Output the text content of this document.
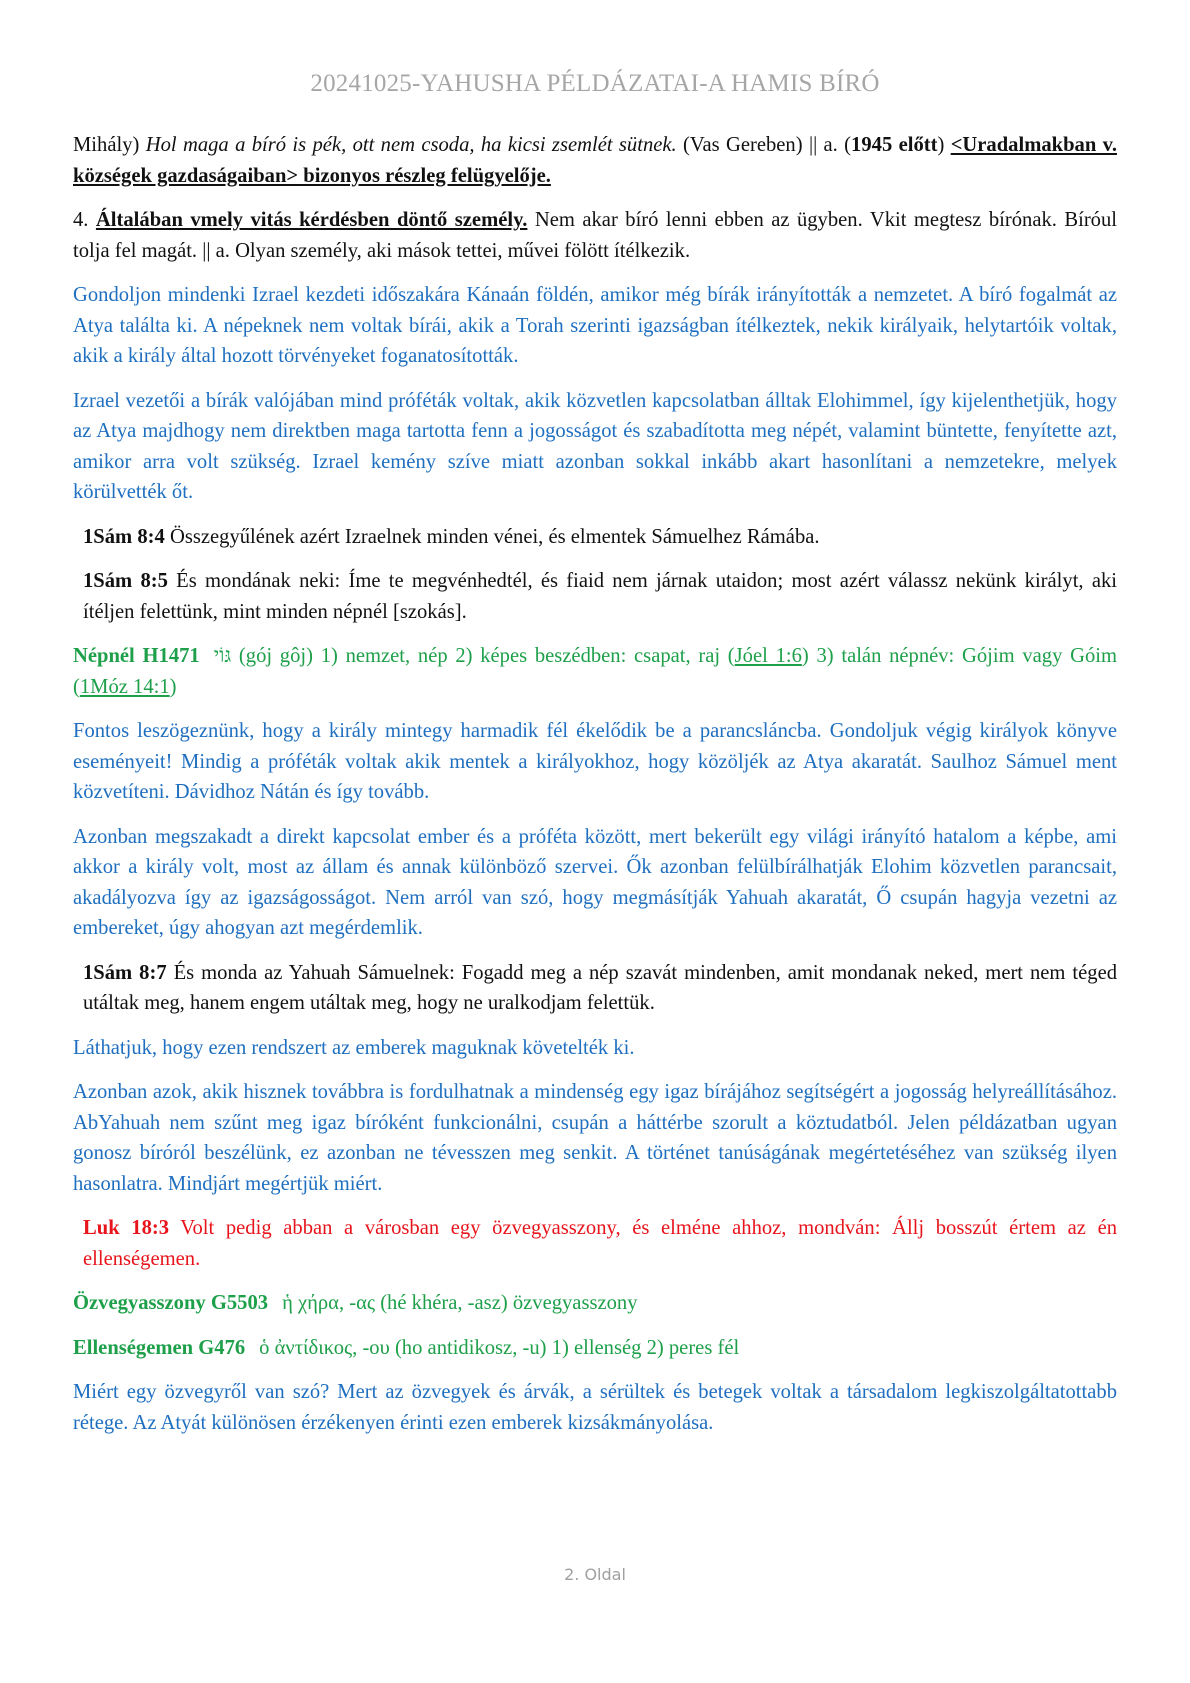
20241025-YAHUSHA PÉLDÁZATAI-A HAMIS BÍRÓ

Mihály) Hol maga a bíró is pék, ott nem csoda, ha kicsi zsemlét sütnek. (Vas Gereben) || a. (1945 előtt) <Uradalmakban v. községek gazdaságaiban> bizonyos részleg felügyelője.

4. Általában vmely vitás kérdésben döntő személy. Nem akar bíró lenni ebben az ügyben. Vkit megtesz bírónak. Bíróul tolja fel magát. || a. Olyan személy, aki mások tettei, művei fölött ítélkezik.

Gondoljon mindenki Izrael kezdeti időszakára Kánaán földén, amikor még bírák irányították a nemzetet. A bíró fogalmát az Atya találta ki. A népeknek nem voltak bírái, akik a Torah szerinti igazságban ítélkeztek, nekik királyaik, helytartóik voltak, akik a király által hozott törvényeket foganatosították.

Izrael vezetői a bírák valójában mind próféták voltak, akik közvetlen kapcsolatban álltak Elohimmel, így kijelenthetjük, hogy az Atya majdhogy nem direktben maga tartotta fenn a jogosságot és szabadította meg népét, valamint büntette, fenyítette azt, amikor arra volt szükség. Izrael kemény szíve miatt azonban sokkal inkább akart hasonlítani a nemzetekre, melyek körülvették őt.

1Sám 8:4 Összegyűlének azért Izraelnek minden vénei, és elmentek Sámuelhez Rámába.

1Sám 8:5 És mondának neki: Íme te megvénhedtél, és fiaid nem járnak utaidon; most azért válassz nekünk királyt, aki ítéljen felettünk, mint minden népnél [szokás].

Népnél H1471 גּוֹי (gój gôj) 1) nemzet, nép 2) képes beszédben: csapat, raj (Jóel 1:6) 3) talán népnév: Gójim vagy Góim (1Móz 14:1)

Fontos leszögeznünk, hogy a király mintegy harmadik fél ékelődik be a parancsláncba. Gondoljuk végig királyok könyve eseményeit! Mindig a próféták voltak akik mentek a királyokhoz, hogy közöljék az Atya akaratát. Saulhoz Sámuel ment közvetíteni. Dávidhoz Nátán és így tovább.

Azonban megszakadt a direkt kapcsolat ember és a próféta között, mert bekerült egy világi irányító hatalom a képbe, ami akkor a király volt, most az állam és annak különböző szervei. Ők azonban felülbírálhatják Elohim közvetlen parancsait, akadályozva így az igazságosságot. Nem arról van szó, hogy megmásítják Yahuah akaratát, Ő csupán hagyja vezetni az embereket, úgy ahogyan azt megérdemlik.

1Sám 8:7 És monda az Yahuah Sámuelnek: Fogadd meg a nép szavát mindenben, amit mondanak neked, mert nem téged utáltak meg, hanem engem utáltak meg, hogy ne uralkodjam felettük.

Láthatjuk, hogy ezen rendszert az emberek maguknak követelték ki.

Azonban azok, akik hisznek továbbra is fordulhatnak a mindenség egy igaz bírájához segítségért a jogosság helyreállításához. AbYahuah nem szűnt meg igaz bíróként funkcionálni, csupán a háttérbe szorult a köztudatból. Jelen példázatban ugyan gonosz bíróról beszélünk, ez azonban ne tévesszen meg senkit. A történet tanúságának megértetéséhez van szükség ilyen hasonlatra. Mindjárt megértjük miért.

Luk 18:3 Volt pedig abban a városban egy özvegyasszony, és elméne ahhoz, mondván: Állj bosszút értem az én ellenségemen.

Özvegyasszony G5503 ἡ χήρα, -ας (hé khéra, -asz) özvegyasszony

Ellenségemen G476 ὁ ἀντίδικος, -ου (ho antidikosz, -u) 1) ellenség 2) peres fél

Miért egy özvegyről van szó? Mert az özvegyek és árvák, a sérültek és betegek voltak a társadalom legkiszolgáltatottabb rétege. Az Atyát különösen érzékenyen érinti ezen emberek kizsákmányolása.

2. Oldal
